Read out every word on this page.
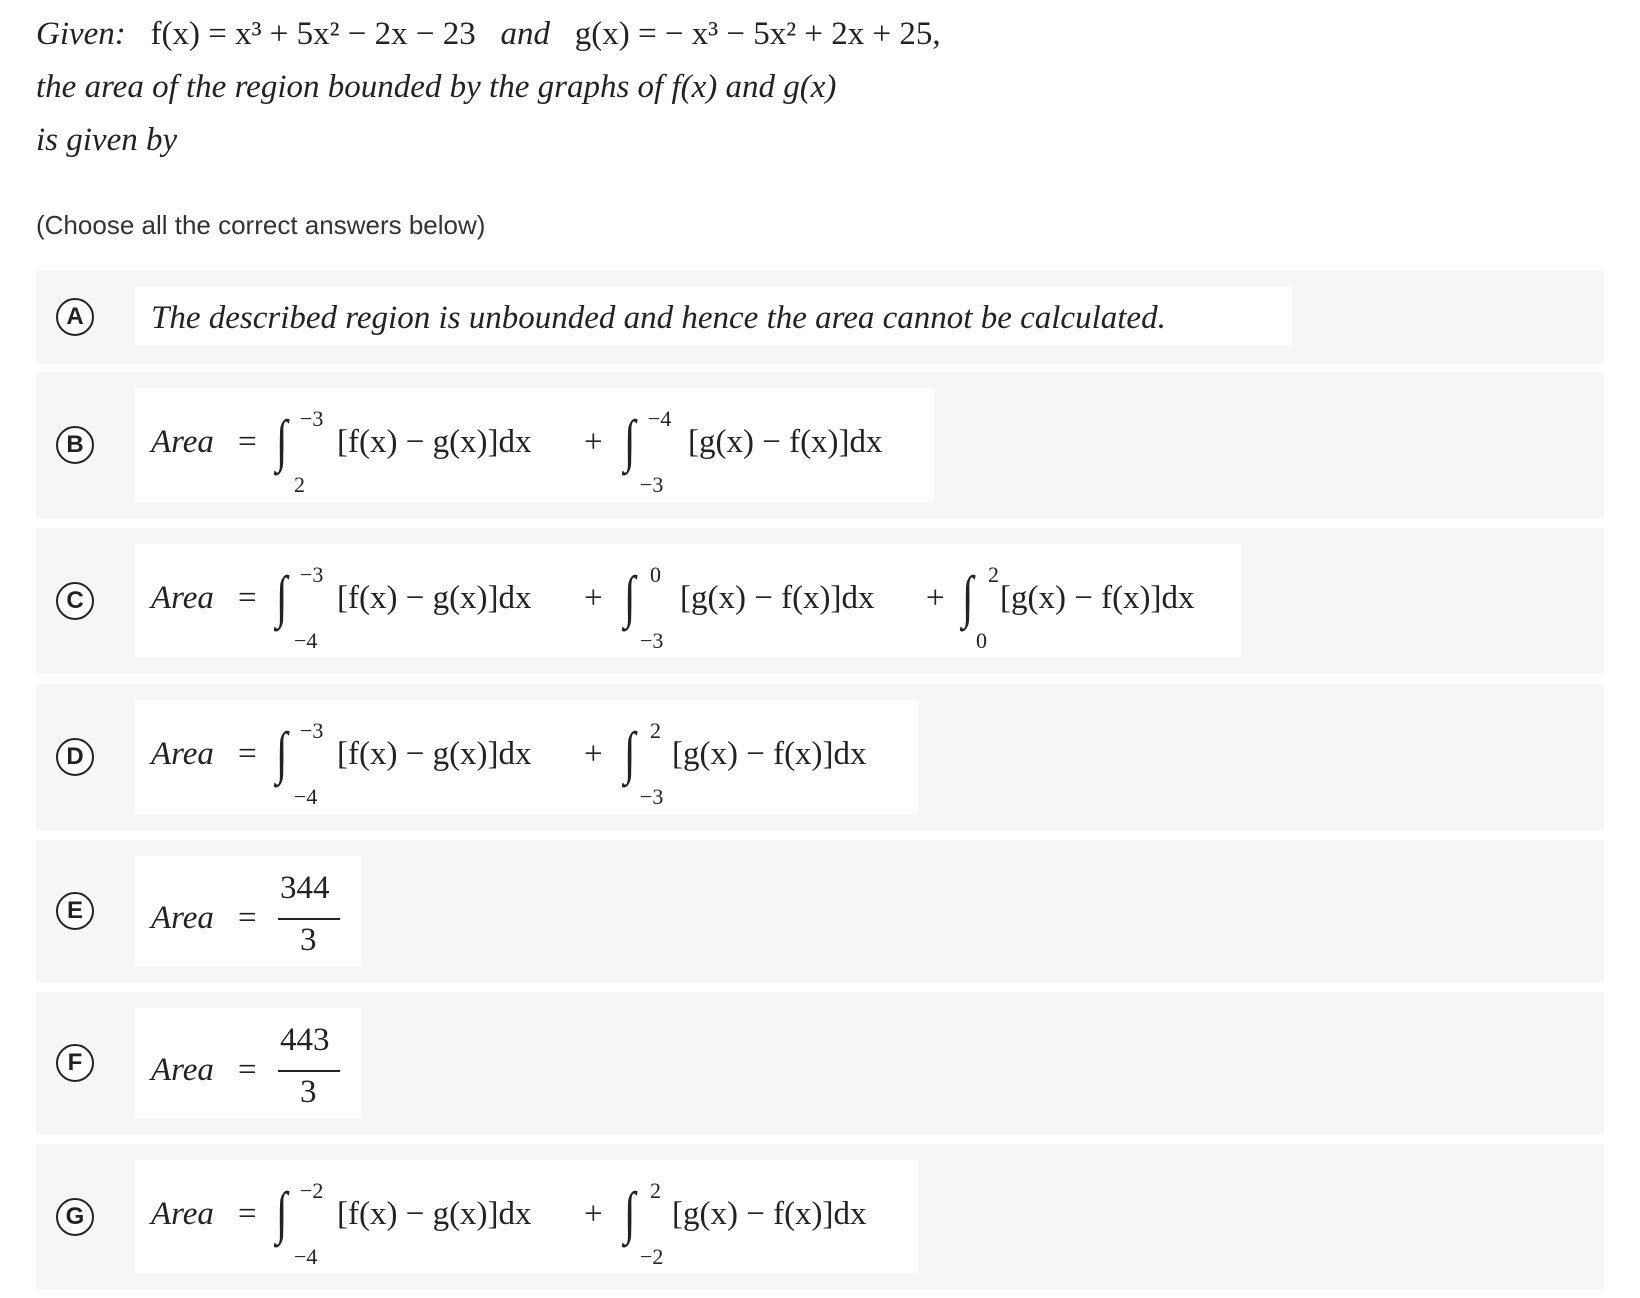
Given: f(x) = x³ + 5x² − 2x − 23 and g(x) = − x³ − 5x² + 2x + 25,
the area of the region bounded by the graphs of f(x) and g(x)
is given by
(Choose all the correct answers below)
A	The described region is unbounded and hence the area cannot be calculated.
B	Area = ∫ −3
2
[f(x) − g(x)]dx + ∫ −4
−3
[g(x) − f(x)]dx
C	Area = ∫ −3
−4
[f(x) − g(x)]dx + ∫ 0
−3
[g(x) − f(x)]dx + ∫ 2
0
[g(x) − f(x)]dx
D	Area = ∫ −3
−4
[f(x) − g(x)]dx + ∫ 2
−3
[g(x) − f(x)]dx
E	Area =
344
3
F	Area =
443
3
G Area = ∫ −2
−4
[f(x) − g(x)]dx + ∫ 2
−2
[g(x) − f(x)]dx
